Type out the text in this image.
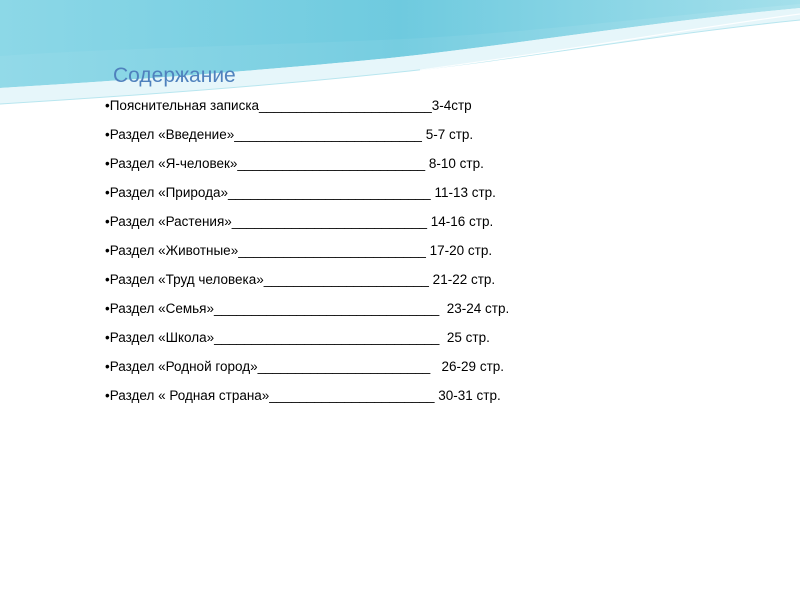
Содержание
•Пояснительная записка_______________________3-4стр
•Раздел «Введение»_________________________ 5-7 стр.
•Раздел «Я-человек»_________________________ 8-10 стр.
•Раздел «Природа»___________________________ 11-13 стр.
•Раздел «Растения»__________________________ 14-16 стр.
•Раздел «Животные»_________________________ 17-20 стр.
•Раздел «Труд человека»______________________ 21-22 стр.
•Раздел «Семья»______________________________  23-24 стр.
•Раздел «Школа»______________________________  25 стр.
•Раздел «Родной город»_______________________   26-29 стр.
•Раздел « Родная страна»______________________ 30-31 стр.
